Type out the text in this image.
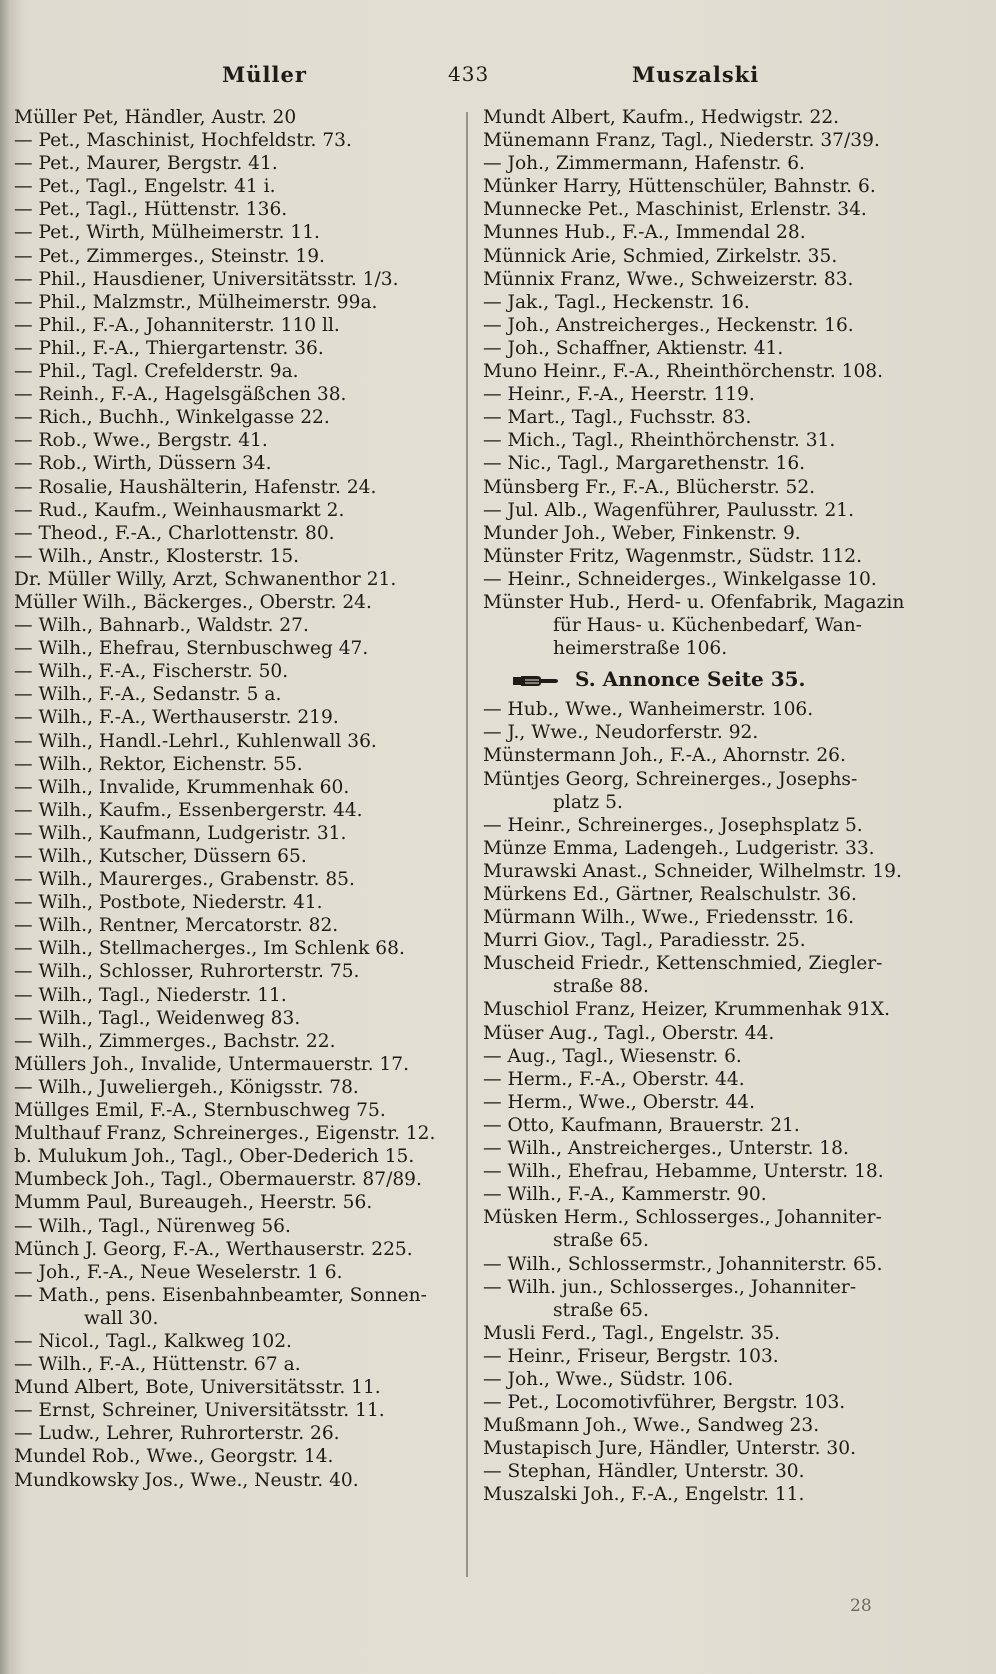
Müller	433	Muszalski
Müller Pet, Händler, Austr. 20
— Pet., Maschinist, Hochfeldstr. 73.
— Pet., Maurer, Bergstr. 41.
— Pet., Tagl., Engelstr. 41 i.
— Pet., Tagl., Hüttenstr. 136.
— Pet., Wirth, Mülheimerstr. 11.
— Pet., Zimmerges., Steinstr. 19.
— Phil., Hausdiener, Universitätsstr. 1/3.
— Phil., Malzmstr., Mülheimerstr. 99a.
— Phil., F.-A., Johanniterstr. 110 ll.
— Phil., F.-A., Thiergartenstr. 36.
— Phil., Tagl. Crefelderstr. 9a.
— Reinh., F.-A., Hagelsgäßchen 38.
— Rich., Buchh., Winkelgasse 22.
— Rob., Wwe., Bergstr. 41.
— Rob., Wirth, Düssern 34.
— Rosalie, Haushälterin, Hafenstr. 24.
— Rud., Kaufm., Weinhausmarkt 2.
— Theod., F.-A., Charlottenstr. 80.
— Wilh., Anstr., Klosterstr. 15.
Dr. Müller Willy, Arzt, Schwanenthor 21.
Müller Wilh., Bäckerges., Oberstr. 24.
— Wilh., Bahnarb., Waldstr. 27.
— Wilh., Ehefrau, Sternbuschweg 47.
— Wilh., F.-A., Fischerstr. 50.
— Wilh., F.-A., Sedanstr. 5 a.
— Wilh., F.-A., Werthauserstr. 219.
— Wilh., Handl.-Lehrl., Kuhlenwall 36.
— Wilh., Rektor, Eichenstr. 55.
— Wilh., Invalide, Krummenhak 60.
— Wilh., Kaufm., Essenbergerstr. 44.
— Wilh., Kaufmann, Ludgeristr. 31.
— Wilh., Kutscher, Düssern 65.
— Wilh., Maurerges., Grabenstr. 85.
— Wilh., Postbote, Niederstr. 41.
— Wilh., Rentner, Mercatorstr. 82.
— Wilh., Stellmacherges., Im Schlenk 68.
— Wilh., Schlosser, Ruhrorterstr. 75.
— Wilh., Tagl., Niederstr. 11.
— Wilh., Tagl., Weidenweg 83.
— Wilh., Zimmerges., Bachstr. 22.
Müllers Joh., Invalide, Untermauerstr. 17.
— Wilh., Juweliergeh., Königsstr. 78.
Müllges Emil, F.-A., Sternbuschweg 75.
Multhauf Franz, Schreinerges., Eigenstr. 12.
b. Mulukum Joh., Tagl., Ober-Dederich 15.
Mumbeck Joh., Tagl., Obermauerstr. 87/89.
Mumm Paul, Bureaugeh., Heerstr. 56.
— Wilh., Tagl., Nürenweg 56.
Münch J. Georg, F.-A., Werthauserstr. 225.
— Joh., F.-A., Neue Weselerstr. 1 6.
— Math., pens. Eisenbahnbeamter, Sonnen-
wall 30.
— Nicol., Tagl., Kalkweg 102.
— Wilh., F.-A., Hüttenstr. 67 a.
Mund Albert, Bote, Universitätsstr. 11.
— Ernst, Schreiner, Universitätsstr. 11.
— Ludw., Lehrer, Ruhrorterstr. 26.
Mundel Rob., Wwe., Georgstr. 14.
Mundkowsky Jos., Wwe., Neustr. 40.
Mundt Albert, Kaufm., Hedwigstr. 22.
Münemann Franz, Tagl., Niederstr. 37/39.
— Joh., Zimmermann, Hafenstr. 6.
Münker Harry, Hüttenschüler, Bahnstr. 6.
Munnecke Pet., Maschinist, Erlenstr. 34.
Munnes Hub., F.-A., Immendal 28.
Münnick Arie, Schmied, Zirkelstr. 35.
Münnix Franz, Wwe., Schweizerstr. 83.
— Jak., Tagl., Heckenstr. 16.
— Joh., Anstreicherges., Heckenstr. 16.
— Joh., Schaffner, Aktienstr. 41.
Muno Heinr., F.-A., Rheinthörchenstr. 108.
— Heinr., F.-A., Heerstr. 119.
— Mart., Tagl., Fuchsstr. 83.
— Mich., Tagl., Rheinthörchenstr. 31.
— Nic., Tagl., Margarethenstr. 16.
Münsberg Fr., F.-A., Blücherstr. 52.
— Jul. Alb., Wagenführer, Paulusstr. 21.
Munder Joh., Weber, Finkenstr. 9.
Münster Fritz, Wagenmstr., Südstr. 112.
— Heinr., Schneiderges., Winkelgasse 10.
Münster Hub., Herd- u. Ofenfabrik, Magazin
für Haus- u. Küchenbedarf, Wan-
heimerstraße 106.
S. Annonce Seite 35.
— Hub., Wwe., Wanheimerstr. 106.
— J., Wwe., Neudorferstr. 92.
Münstermann Joh., F.-A., Ahornstr. 26.
Müntjes Georg, Schreinerges., Josephs-
platz 5.
— Heinr., Schreinerges., Josephsplatz 5.
Münze Emma, Ladengeh., Ludgeristr. 33.
Murawski Anast., Schneider, Wilhelmstr. 19.
Mürkens Ed., Gärtner, Realschulstr. 36.
Mürmann Wilh., Wwe., Friedensstr. 16.
Murri Giov., Tagl., Paradiesstr. 25.
Muscheid Friedr., Kettenschmied, Ziegler-
straße 88.
Muschiol Franz, Heizer, Krummenhak 91X.
Müser Aug., Tagl., Oberstr. 44.
— Aug., Tagl., Wiesenstr. 6.
— Herm., F.-A., Oberstr. 44.
— Herm., Wwe., Oberstr. 44.
— Otto, Kaufmann, Brauerstr. 21.
— Wilh., Anstreicherges., Unterstr. 18.
— Wilh., Ehefrau, Hebamme, Unterstr. 18.
— Wilh., F.-A., Kammerstr. 90.
Müsken Herm., Schlosserges., Johanniter-
straße 65.
— Wilh., Schlossermstr., Johanniterstr. 65.
— Wilh. jun., Schlosserges., Johanniter-
straße 65.
Musli Ferd., Tagl., Engelstr. 35.
— Heinr., Friseur, Bergstr. 103.
— Joh., Wwe., Südstr. 106.
— Pet., Locomotivführer, Bergstr. 103.
Mußmann Joh., Wwe., Sandweg 23.
Mustapisch Jure, Händler, Unterstr. 30.
— Stephan, Händler, Unterstr. 30.
Muszalski Joh., F.-A., Engelstr. 11.
28
